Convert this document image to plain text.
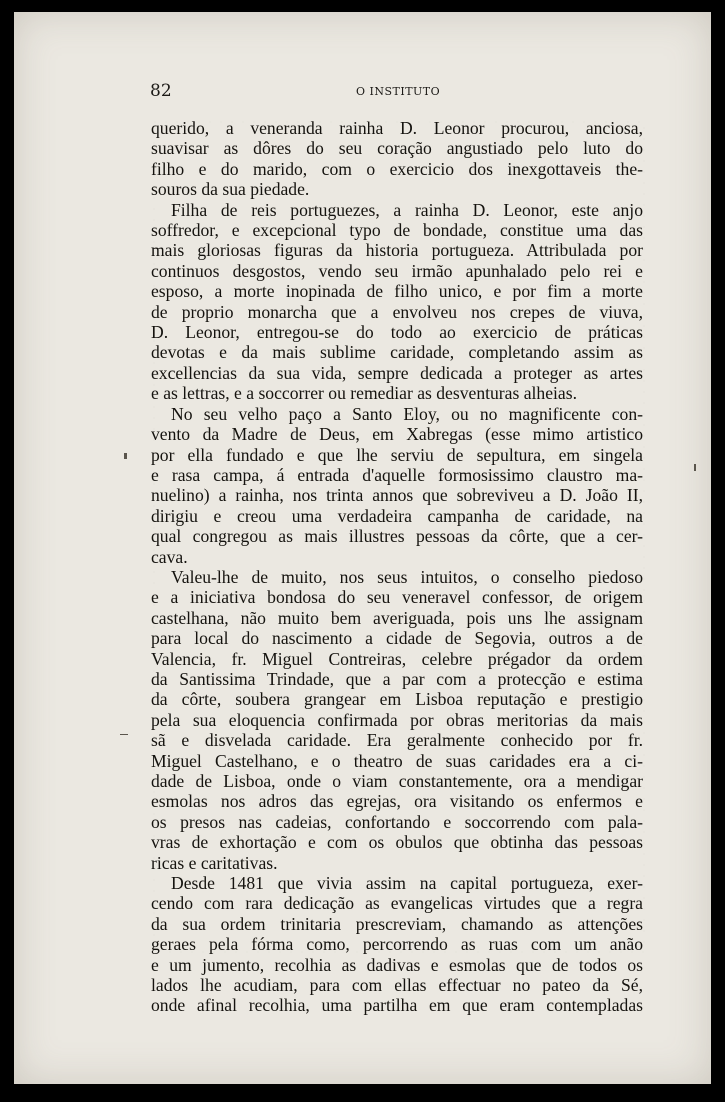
82	O INSTITUTO

querido, a veneranda rainha D. Leonor procurou, anciosa,
suavisar as dôres do seu coração angustiado pelo luto do
filho e do marido, com o exercicio dos inexgottaveis the-
souros da sua piedade.

Filha de reis portuguezes, a rainha D. Leonor, este anjo
soffredor, e excepcional typo de bondade, constitue uma das
mais gloriosas figuras da historia portugueza. Attribulada por
continuos desgostos, vendo seu irmão apunhalado pelo rei e
esposo, a morte inopinada de filho unico, e por fim a morte
de proprio monarcha que a envolveu nos crepes de viuva,
D. Leonor, entregou-se do todo ao exercicio de práticas
devotas e da mais sublime caridade, completando assim as
excellencias da sua vida, sempre dedicada a proteger as artes
e as lettras, e a soccorrer ou remediar as desventuras alheias.

No seu velho paço a Santo Eloy, ou no magnificente con-
vento da Madre de Deus, em Xabregas (esse mimo artistico
por ella fundado e que lhe serviu de sepultura, em singela
e rasa campa, á entrada d'aquelle formosissimo claustro ma-
nuelino) a rainha, nos trinta annos que sobreviveu a D. João II,
dirigiu e creou uma verdadeira campanha de caridade, na
qual congregou as mais illustres pessoas da côrte, que a cer-
cava.

Valeu-lhe de muito, nos seus intuitos, o conselho piedoso
e a iniciativa bondosa do seu veneravel confessor, de origem
castelhana, não muito bem averiguada, pois uns lhe assignam
para local do nascimento a cidade de Segovia, outros a de
Valencia, fr. Miguel Contreiras, celebre prégador da ordem
da Santissima Trindade, que a par com a protecção e estima
da côrte, soubera grangear em Lisboa reputação e prestigio
pela sua eloquencia confirmada por obras meritorias da mais
sã e disvelada caridade. Era geralmente conhecido por fr.
Miguel Castelhano, e o theatro de suas caridades era a ci-
dade de Lisboa, onde o viam constantemente, ora a mendigar
esmolas nos adros das egrejas, ora visitando os enfermos e
os presos nas cadeias, confortando e soccorrendo com pala-
vras de exhortação e com os obulos que obtinha das pessoas
ricas e caritativas.

Desde 1481 que vivia assim na capital portugueza, exer-
cendo com rara dedicação as evangelicas virtudes que a regra
da sua ordem trinitaria prescreviam, chamando as attenções
geraes pela fórma como, percorrendo as ruas com um anão
e um jumento, recolhia as dadivas e esmolas que de todos os
lados lhe acudiam, para com ellas effectuar no pateo da Sé,
onde afinal recolhia, uma partilha em que eram contempladas
